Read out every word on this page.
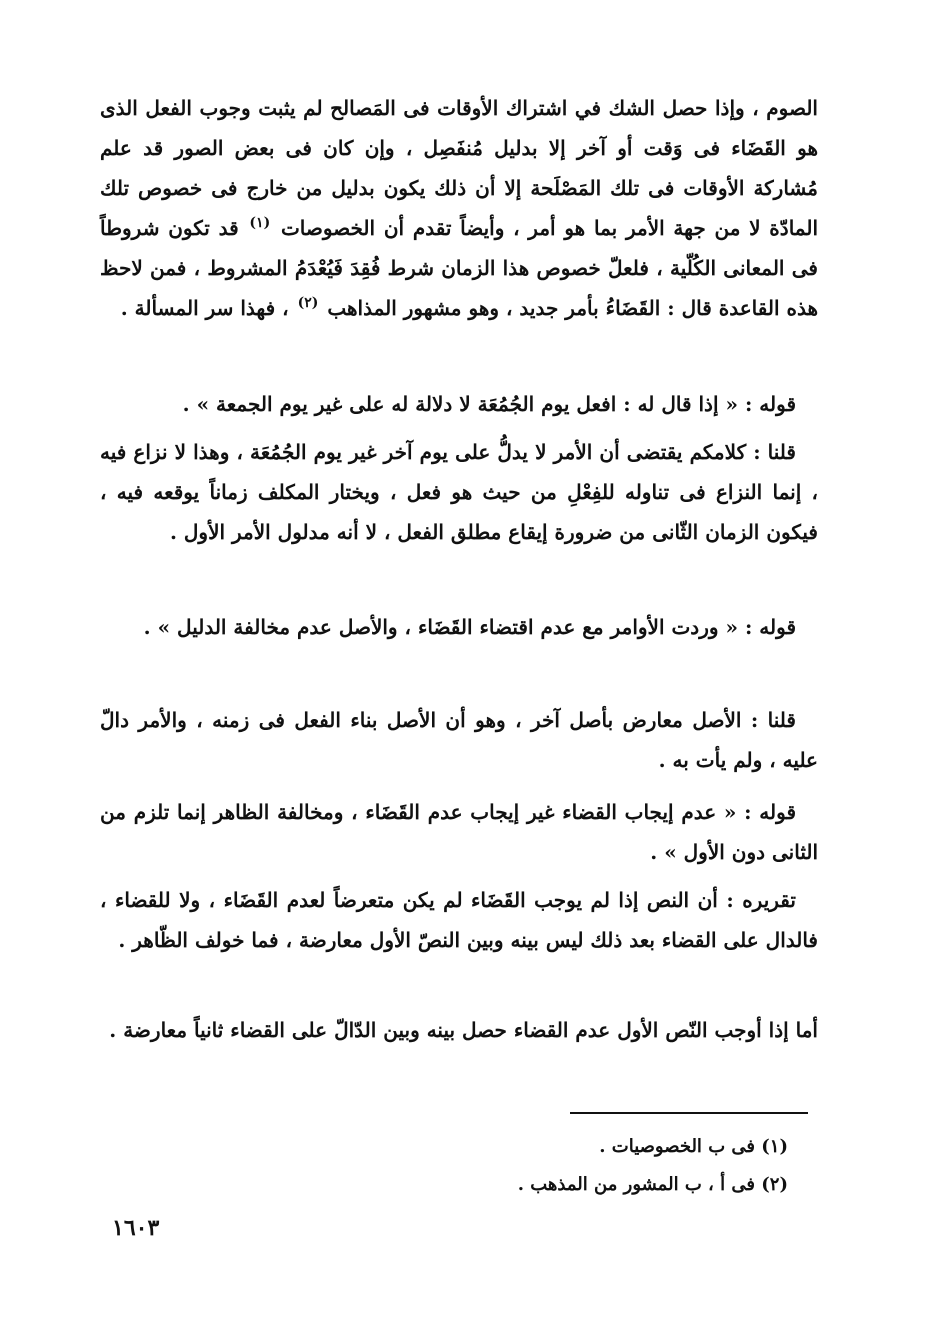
الصوم ، وإذا حصل الشك في اشتراك الأوقات فى المَصالح لم يثبت وجوب الفعل الذى هو القَضَاء فى وَقت أو آخر إلا بدليل مُنفَصِل ، وإن كان فى بعض الصور قد علم مُشاركة الأوقات فى تلك المَصْلَحة إلا أن ذلك يكون بدليل من خارج فى خصوص تلك المادّة لا من جهة الأمر بما هو أمر ، وأيضاً تقدم أن الخصوصات $^{(١)}$ قد تكون شروطاً فى المعانى الكُلّية ، فلعلّ خصوص هذا الزمان شرط فُقِدَ فَيُعْدَمُ المشروط ، فمن لاحظ هذه القاعدة قال : القَضَاءُ بأمر جديد ، وهو مشهور المذاهب $^{(٢)}$ ، فهذا سر المسألة .

قوله : « إذا قال له : افعل يوم الجُمُعَة لا دلالة له على غير يوم الجمعة » .

قلنا : كلامكم يقتضى أن الأمر لا يدلُّ على يوم آخر غير يوم الجُمُعَة ، وهذا لا نزاع فيه ، إنما النزاع فى تناوله للفِعْلِ من حيث هو فعل ، ويختار المكلف زماناً يوقعه فيه ، فيكون الزمان الثّانى من ضرورة إيقاع مطلق الفعل ، لا أنه مدلول الأمر الأول .

قوله : « وردت الأوامر مع عدم اقتضاء القَضَاء ، والأصل عدم مخالفة الدليل » .

قلنا : الأصل معارض بأصل آخر ، وهو أن الأصل بناء الفعل فى زمنه ، والأمر دالّ عليه ، ولم يأت به .

قوله : « عدم إيجاب القضاء غير إيجاب عدم القَضَاء ، ومخالفة الظاهر إنما تلزم من الثانى دون الأول » .

تقريره : أن النص إذا لم يوجب القَضَاء لم يكن متعرضاً لعدم القَضَاء ، ولا للقضاء ، فالدال على القضاء بعد ذلك ليس بينه وبين النصّ الأول معارضة ، فما خولف الظّاهر .

أما إذا أوجب النّص الأول عدم القضاء حصل بينه وبين الدّالّ على القضاء ثانياً معارضة .

(١) فى ب الخصوصيات .
(٢) فى أ ، ب المشور من المذهب .
١٦٠٣
